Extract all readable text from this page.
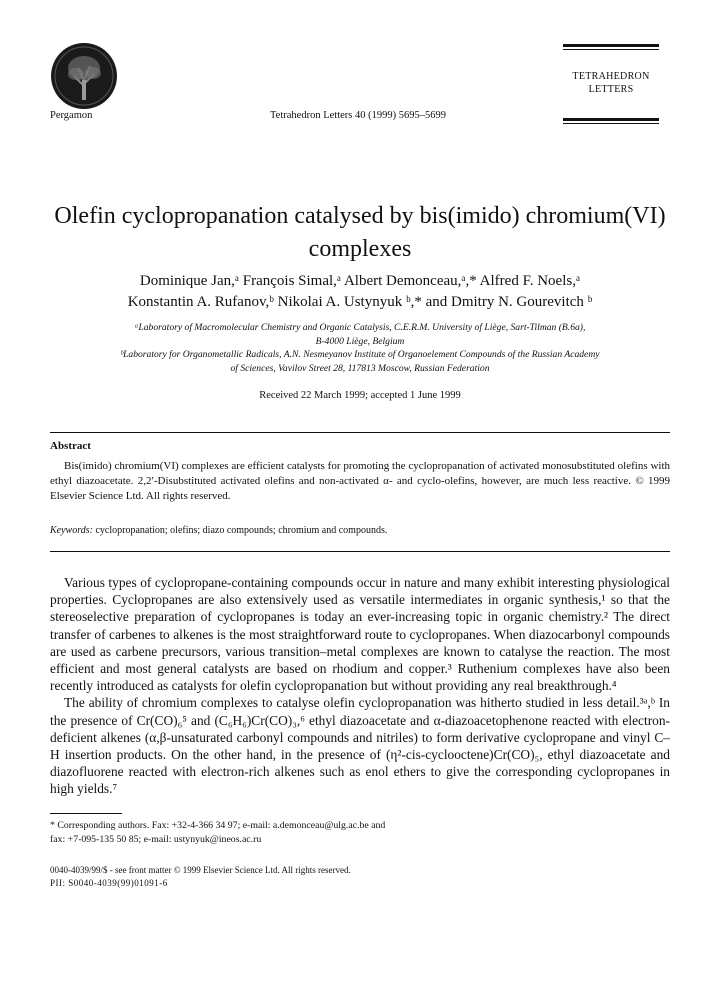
Pergamon	Tetrahedron Letters 40 (1999) 5695–5699
TETRAHEDRON
LETTERS
Olefin cyclopropanation catalysed by bis(imido) chromium(VI) complexes
Dominique Jan,ᵃ François Simal,ᵃ Albert Demonceau,ᵃ,* Alfred F. Noels,ᵃ
Konstantin A. Rufanov,ᵇ Nikolai A. Ustynyuk ᵇ,* and Dmitry N. Gourevitch ᵇ
ᵃLaboratory of Macromolecular Chemistry and Organic Catalysis, C.E.R.M. University of Liège, Sart-Tilman (B.6a),
B-4000 Liège, Belgium
ᵇLaboratory for Organometallic Radicals, A.N. Nesmeyanov Institute of Organoelement Compounds of the Russian Academy
of Sciences, Vavilov Street 28, 117813 Moscow, Russian Federation
Received 22 March 1999; accepted 1 June 1999
Abstract

Bis(imido) chromium(VI) complexes are efficient catalysts for promoting the cyclopropanation of activated monosubstituted olefins with ethyl diazoacetate. 2,2′-Disubstituted activated olefins and non-activated α- and cyclo-olefins, however, are much less reactive. © 1999 Elsevier Science Ltd. All rights reserved.

Keywords: cyclopropanation; olefins; diazo compounds; chromium and compounds.

Various types of cyclopropane-containing compounds occur in nature and many exhibit interesting physiological properties. Cyclopropanes are also extensively used as versatile intermediates in organic synthesis,¹ so that the stereoselective preparation of cyclopropanes is today an ever-increasing topic in organic chemistry.² The direct transfer of carbenes to alkenes is the most straightforward route to cyclopropanes. When diazocarbonyl compounds are used as carbene precursors, various transition–metal complexes are known to catalyse the reaction. The most efficient and most general catalysts are based on rhodium and copper.³ Ruthenium complexes have also been recently introduced as catalysts for olefin cyclopropanation but without providing any real breakthrough.⁴

The ability of chromium complexes to catalyse olefin cyclopropanation was hitherto studied in less detail.³ᵃ,ᵇ In the presence of Cr(CO)₆⁵ and (C₆H₆)Cr(CO)₃,⁶ ethyl diazoacetate and α-diazoacetophenone reacted with electron-deficient alkenes (α,β-unsaturated carbonyl compounds and nitriles) to form derivative cyclopropane and vinyl C–H insertion products. On the other hand, in the presence of (η²-cis-cyclooctene)Cr(CO)₅, ethyl diazoacetate and diazofluorene reacted with electron-rich alkenes such as enol ethers to give the corresponding cyclopropanes in high yields.⁷

* Corresponding authors. Fax: +32-4-366 34 97; e-mail: a.demonceau@ulg.ac.be and
fax: +7-095-135 50 85; e-mail: ustynyuk@ineos.ac.ru
0040-4039/99/$ - see front matter © 1999 Elsevier Science Ltd. All rights reserved.
PII: S0040-4039(99)01091-6
